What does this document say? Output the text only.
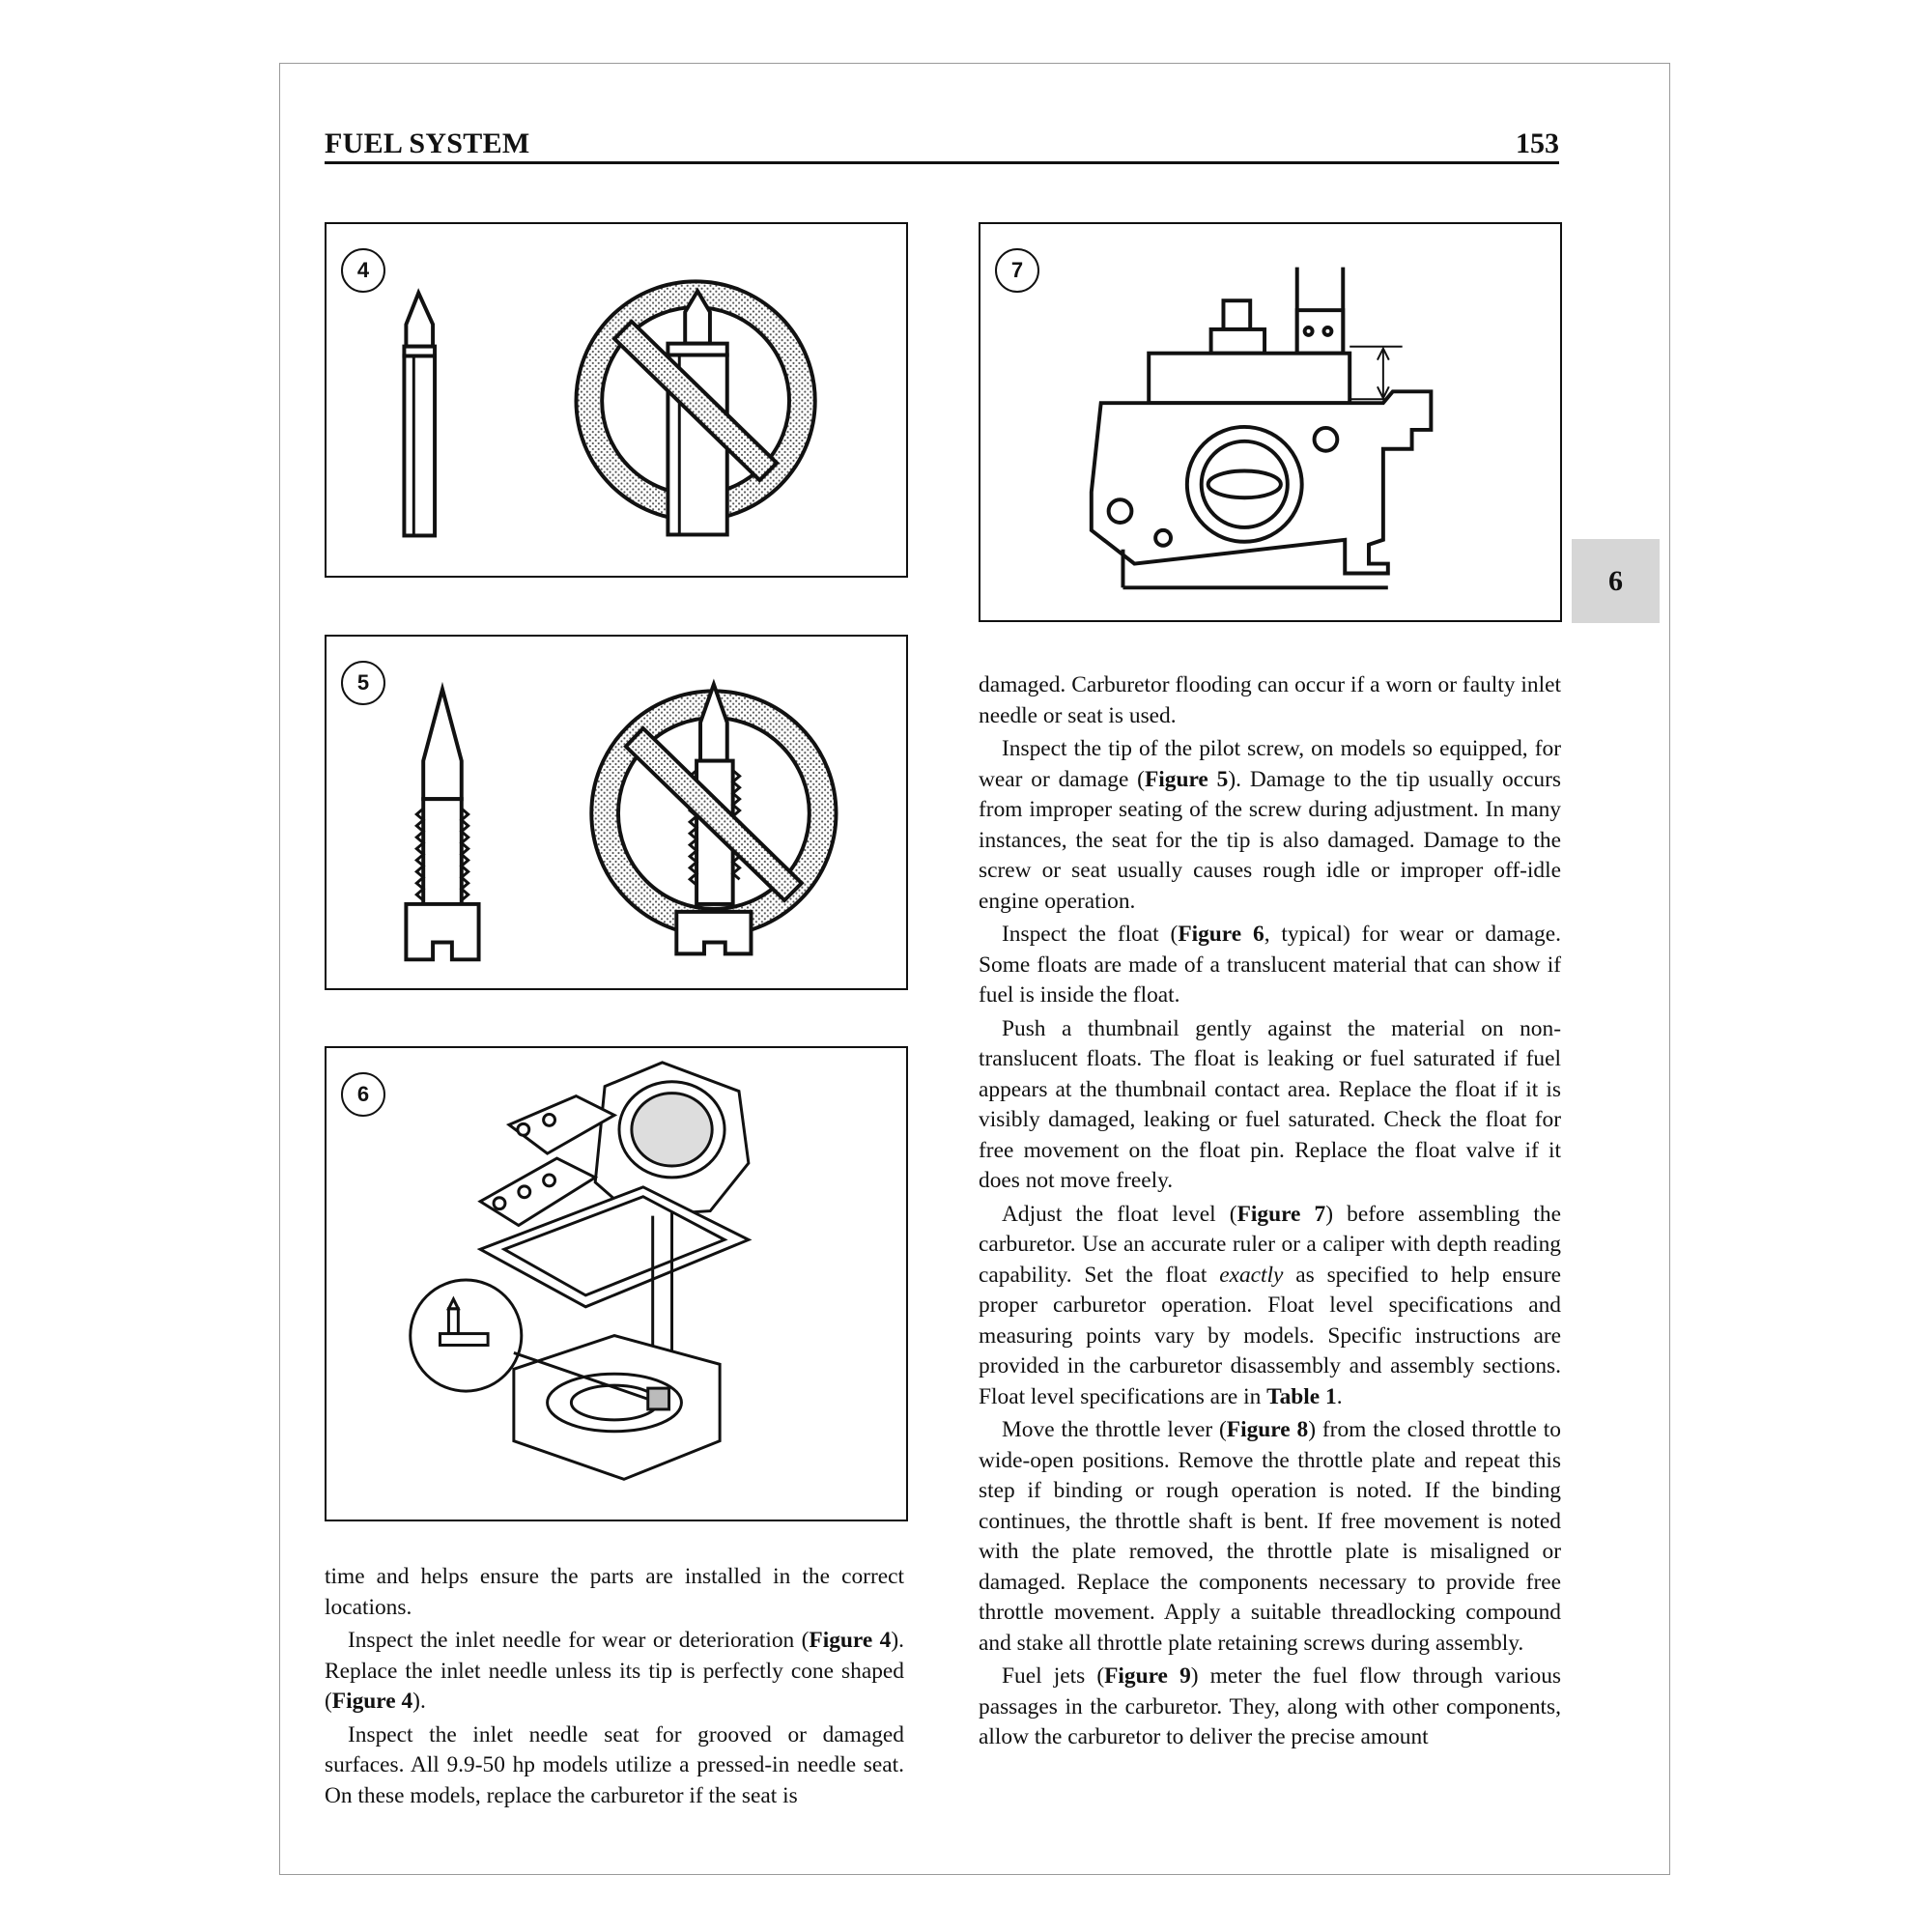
FUEL SYSTEM	153
6
4
5
6
7

time and helps ensure the parts are installed in the correct locations.

Inspect the inlet needle for wear or deterioration (Figure 4). Replace the inlet needle unless its tip is perfectly cone shaped (Figure 4).

Inspect the inlet needle seat for grooved or damaged surfaces. All 9.9-50 hp models utilize a pressed-in needle seat. On these models, replace the carburetor if the seat is

damaged. Carburetor flooding can occur if a worn or faulty inlet needle or seat is used.

Inspect the tip of the pilot screw, on models so equipped, for wear or damage (Figure 5). Damage to the tip usually occurs from improper seating of the screw during adjustment. In many instances, the seat for the tip is also damaged. Damage to the screw or seat usually causes rough idle or improper off-idle engine operation.

Inspect the float (Figure 6, typical) for wear or damage. Some floats are made of a translucent material that can show if fuel is inside the float.

Push a thumbnail gently against the material on non-translucent floats. The float is leaking or fuel saturated if fuel appears at the thumbnail contact area. Replace the float if it is visibly damaged, leaking or fuel saturated. Check the float for free movement on the float pin. Replace the float valve if it does not move freely.

Adjust the float level (Figure 7) before assembling the carburetor. Use an accurate ruler or a caliper with depth reading capability. Set the float exactly as specified to help ensure proper carburetor operation. Float level specifications and measuring points vary by models. Specific instructions are provided in the carburetor disassembly and assembly sections. Float level specifications are in Table 1.

Move the throttle lever (Figure 8) from the closed throttle to wide-open positions. Remove the throttle plate and repeat this step if binding or rough operation is noted. If the binding continues, the throttle shaft is bent. If free movement is noted with the plate removed, the throttle plate is misaligned or damaged. Replace the components necessary to provide free throttle movement. Apply a suitable threadlocking compound and stake all throttle plate retaining screws during assembly.

Fuel jets (Figure 9) meter the fuel flow through various passages in the carburetor. They, along with other components, allow the carburetor to deliver the precise amount
